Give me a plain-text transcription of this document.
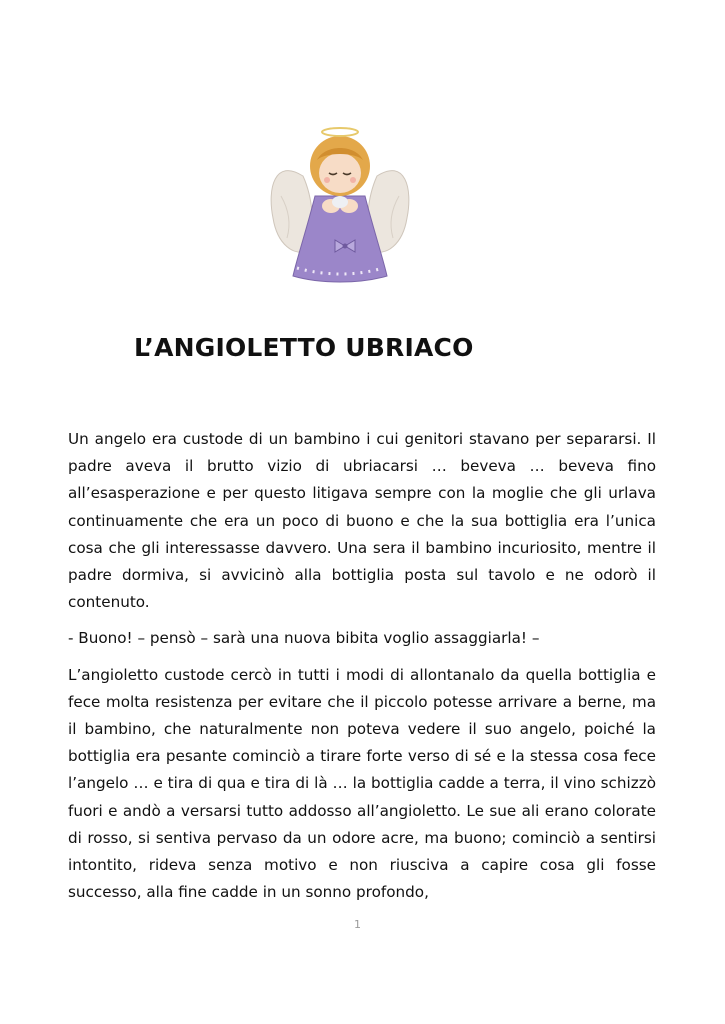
L’ANGIOLETTO UBRIACO

Un angelo era custode di un bambino i cui genitori stavano per separarsi. Il padre aveva il brutto vizio di ubriacarsi … beveva … beveva fino all’esasperazione e per questo litigava sempre con la moglie che gli urlava continuamente che era un poco di buono e che la sua bottiglia era l’unica cosa che gli interessasse davvero. Una sera il bambino incuriosito, mentre il padre dormiva, si avvicinò alla bottiglia posta sul tavolo e ne odorò il contenuto.

- Buono! – pensò – sarà una nuova bibita voglio assaggiarla! –

L’angioletto custode cercò in tutti i modi di allontanalo da quella bottiglia e fece molta resistenza per evitare che il piccolo potesse arrivare a berne, ma il bambino, che naturalmente non poteva vedere il suo angelo, poiché la bottiglia era pesante cominciò a tirare forte verso di sé e la stessa cosa fece l’angelo … e tira di qua e tira di là … la bottiglia cadde a terra, il vino schizzò fuori e andò a versarsi tutto addosso all’angioletto. Le sue ali erano colorate di rosso, si sentiva pervaso da un odore acre, ma buono; cominciò a sentirsi intontito, rideva senza motivo e non riusciva a capire cosa gli fosse successo, alla fine cadde in un sonno profondo,

1
